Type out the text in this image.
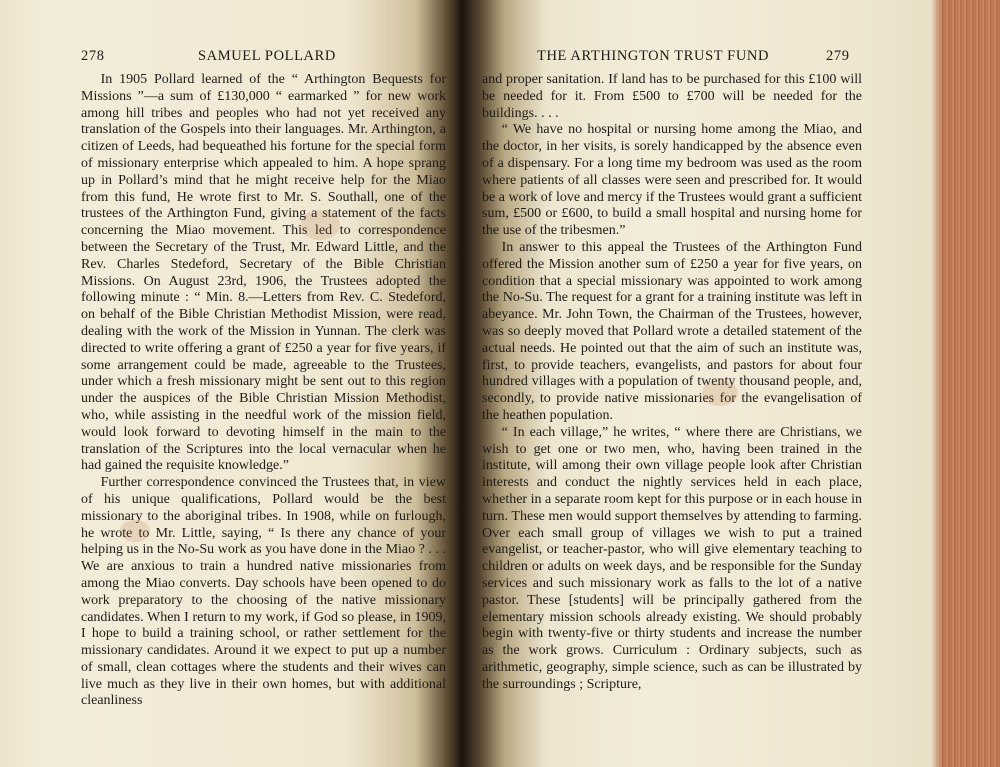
278	SAMUEL POLLARD

In 1905 Pollard learned of the “ Arthington Bequests for Missions ”—a sum of £130,000 “ earmarked ” for new work among hill tribes and peoples who had not yet received any translation of the Gospels into their languages. Mr. Arthington, a citizen of Leeds, had bequeathed his fortune for the special form of missionary enterprise which appealed to him. A hope sprang up in Pollard’s mind that he might receive help for the Miao from this fund, He wrote first to Mr. S. Southall, one of the trustees of the Arthington Fund, giving a statement of the facts concerning the Miao movement. This led to correspondence between the Secretary of the Trust, Mr. Edward Little, and the Rev. Charles Stedeford, Secretary of the Bible Christian Missions. On August 23rd, 1906, the Trustees adopted the following minute : “ Min. 8.—Letters from Rev. C. Stedeford, on behalf of the Bible Christian Methodist Mission, were read, dealing with the work of the Mission in Yunnan. The clerk was directed to write offering a grant of £250 a year for five years, if some arrangement could be made, agreeable to the Trustees, under which a fresh missionary might be sent out to this region under the auspices of the Bible Christian Mission Methodist, who, while assisting in the needful work of the mission field, would look forward to devoting himself in the main to the translation of the Scriptures into the local vernacular when he had gained the requisite knowledge.”

Further correspondence convinced the Trustees that, in view of his unique qualifications, Pollard would be the best missionary to the aboriginal tribes. In 1908, while on furlough, he wrote to Mr. Little, saying, “ Is there any chance of your helping us in the No-Su work as you have done in the Miao ? . . . We are anxious to train a hundred native missionaries from among the Miao converts. Day schools have been opened to do work preparatory to the choosing of the native missionary candidates. When I return to my work, if God so please, in 1909, I hope to build a training school, or rather settlement for the missionary candidates. Around it we expect to put up a number of small, clean cottages where the students and their wives can live much as they live in their own homes, but with additional cleanliness

THE ARTHINGTON TRUST FUND	279

and proper sanitation. If land has to be purchased for this £100 will be needed for it. From £500 to £700 will be needed for the buildings. . . .

“ We have no hospital or nursing home among the Miao, and the doctor, in her visits, is sorely handicapped by the absence even of a dispensary. For a long time my bedroom was used as the room where patients of all classes were seen and prescribed for. It would be a work of love and mercy if the Trustees would grant a sufficient sum, £500 or £600, to build a small hospital and nursing home for the use of the tribesmen.”

In answer to this appeal the Trustees of the Arthington Fund offered the Mission another sum of £250 a year for five years, on condition that a special missionary was appointed to work among the No-Su. The request for a grant for a training institute was left in abeyance. Mr. John Town, the Chairman of the Trustees, however, was so deeply moved that Pollard wrote a detailed statement of the actual needs. He pointed out that the aim of such an institute was, first, to provide teachers, evangelists, and pastors for about four hundred villages with a population of twenty thousand people, and, secondly, to provide native missionaries for the evangelisation of the heathen population.

“ In each village,” he writes, “ where there are Christians, we wish to get one or two men, who, having been trained in the institute, will among their own village people look after Christian interests and conduct the nightly services held in each place, whether in a separate room kept for this purpose or in each house in turn. These men would support themselves by attending to farming. Over each small group of villages we wish to put a trained evangelist, or teacher-pastor, who will give elementary teaching to children or adults on week days, and be responsible for the Sunday services and such missionary work as falls to the lot of a native pastor. These [students] will be principally gathered from the elementary mission schools already existing. We should probably begin with twenty-five or thirty students and increase the number as the work grows. Curriculum : Ordinary subjects, such as arithmetic, geography, simple science, such as can be illustrated by the surroundings ; Scripture,
